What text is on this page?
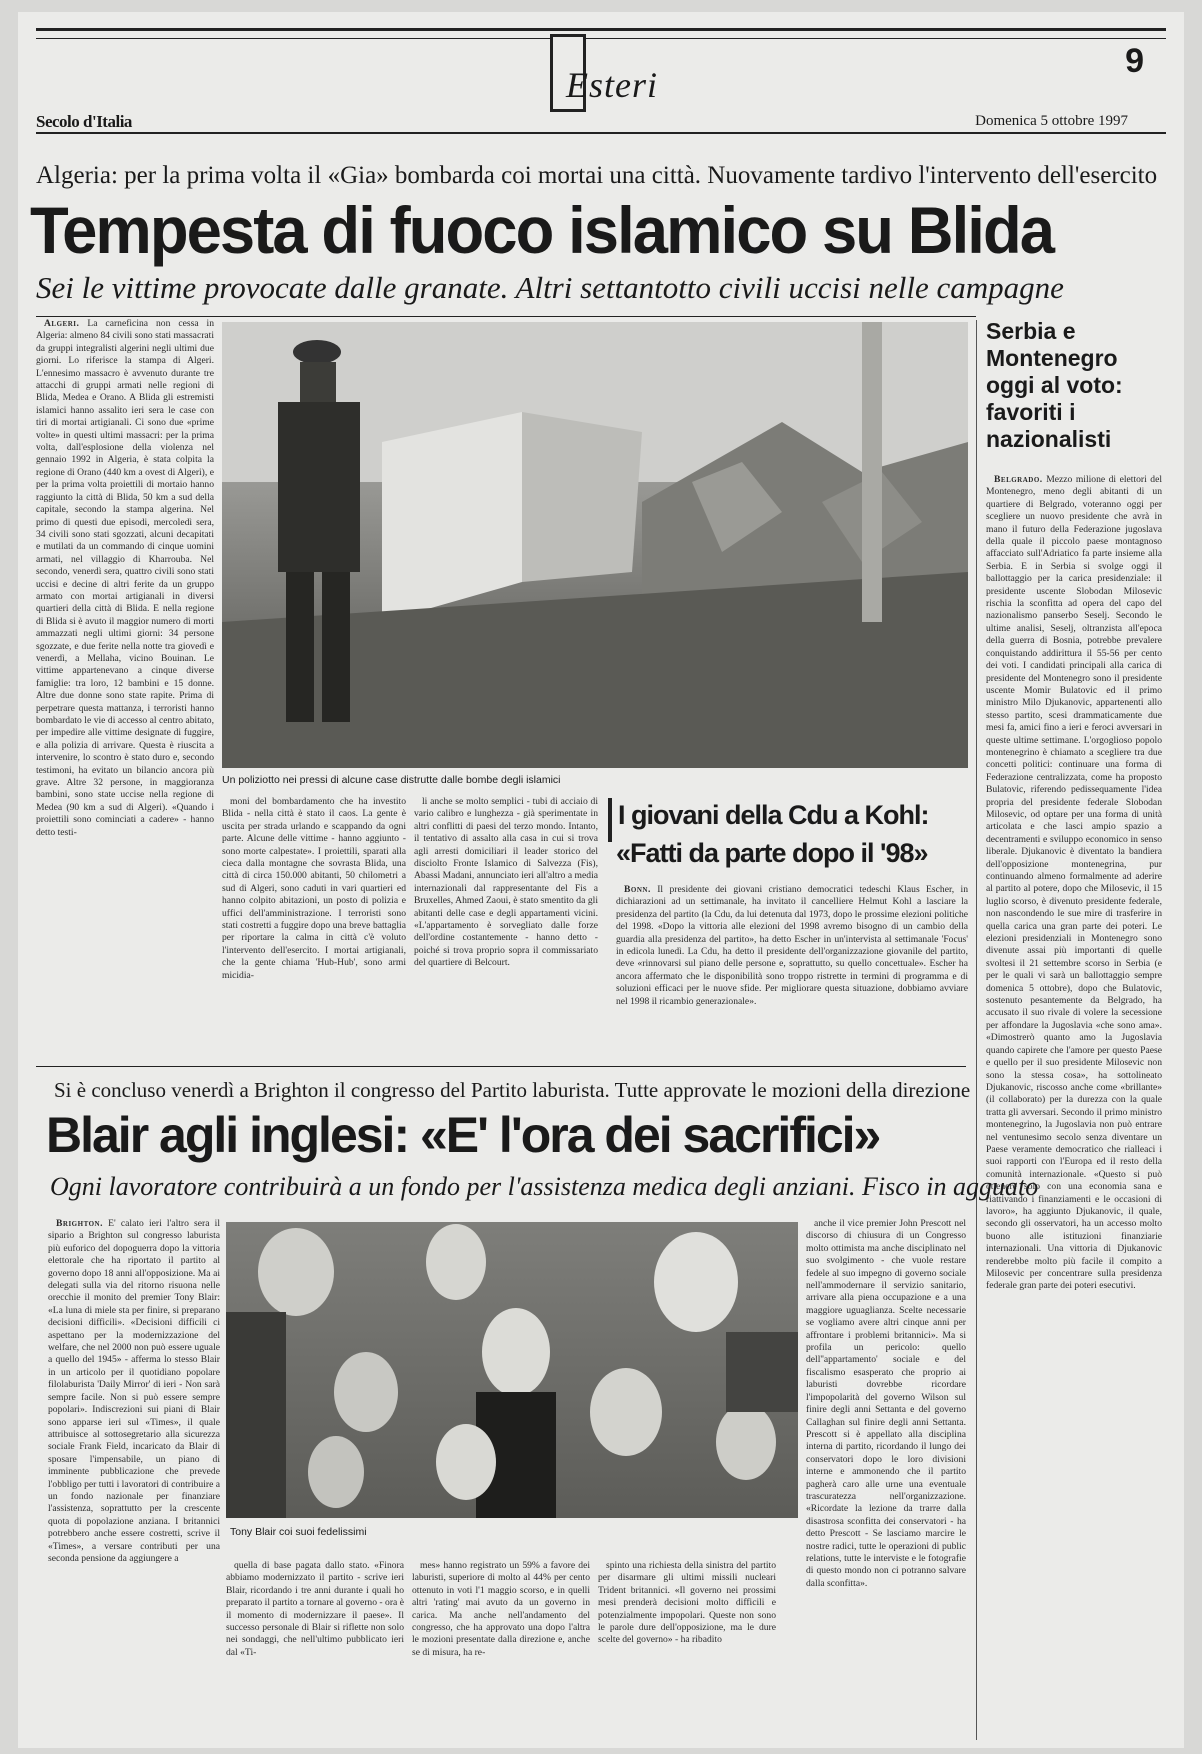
Esteri
9
Secolo d'Italia	Domenica 5 ottobre 1997
Algeria: per la prima volta il «Gia» bombarda coi mortai una città. Nuovamente tardivo l'intervento dell'esercito
Tempesta di fuoco islamico su Blida
Sei le vittime provocate dalle granate. Altri settantotto civili uccisi nelle campagne

Algeri. La carneficina non cessa in Algeria: almeno 84 civili sono stati massacrati da gruppi integralisti algerini negli ultimi due giorni. Lo riferisce la stampa di Algeri. L'ennesimo massacro è avvenuto durante tre attacchi di gruppi armati nelle regioni di Blida, Medea e Orano. A Blida gli estremisti islamici hanno assalito ieri sera le case con tiri di mortai artigianali. Ci sono due «prime volte» in questi ultimi massacri: per la prima volta, dall'esplosione della violenza nel gennaio 1992 in Algeria, è stata colpita la regione di Orano (440 km a ovest di Algeri), e per la prima volta proiettili di mortaio hanno raggiunto la città di Blida, 50 km a sud della capitale, secondo la stampa algerina. Nel primo di questi due episodi, mercoledì sera, 34 civili sono stati sgozzati, alcuni decapitati e mutilati da un commando di cinque uomini armati, nel villaggio di Kharrouba. Nel secondo, venerdì sera, quattro civili sono stati uccisi e decine di altri ferite da un gruppo armato con mortai artigianali in diversi quartieri della città di Blida. E nella regione di Blida si è avuto il maggior numero di morti ammazzati negli ultimi giorni: 34 persone sgozzate, e due ferite nella notte tra giovedì e venerdì, a Mellaha, vicino Bouinan. Le vittime appartenevano a cinque diverse famiglie: tra loro, 12 bambini e 15 donne. Altre due donne sono state rapite. Prima di perpetrare questa mattanza, i terroristi hanno bombardato le vie di accesso al centro abitato, per impedire alle vittime designate di fuggire, e alla polizia di arrivare. Questa è riuscita a intervenire, lo scontro è stato duro e, secondo testimoni, ha evitato un bilancio ancora più grave. Altre 32 persone, in maggioranza bambini, sono state uccise nella regione di Medea (90 km a sud di Algeri). «Quando i proiettili sono cominciati a cadere» - hanno detto testi-

Un poliziotto nei pressi di alcune case distrutte dalle bombe degli islamici

moni del bombardamento che ha investito Blida - nella città è stato il caos. La gente è uscita per strada urlando e scappando da ogni parte. Alcune delle vittime - hanno aggiunto - sono morte calpestate». I proiettili, sparati alla cieca dalla montagne che sovrasta Blida, una città di circa 150.000 abitanti, 50 chilometri a sud di Algeri, sono caduti in vari quartieri ed hanno colpito abitazioni, un posto di polizia e uffici dell'amministrazione. I terroristi sono stati costretti a fuggire dopo una breve battaglia per riportare la calma in città c'è voluto l'intervento dell'esercito. I mortai artigianali, che la gente chiama 'Hub-Hub', sono armi micidia-

li anche se molto semplici - tubi di acciaio di vario calibro e lunghezza - già sperimentate in altri conflitti di paesi del terzo mondo. Intanto, il tentativo di assalto alla casa in cui si trova agli arresti domiciliari il leader storico del disciolto Fronte Islamico di Salvezza (Fis), Abassi Madani, annunciato ieri all'altro a media internazionali dal rappresentante del Fis a Bruxelles, Ahmed Zaoui, è stato smentito da gli abitanti delle case e degli appartamenti vicini. «L'appartamento è sorvegliato dalle forze dell'ordine costantemente - hanno detto - poiché si trova proprio sopra il commissariato del quartiere di Belcourt.

I giovani della Cdu a Kohl:
«Fatti da parte dopo il '98»

Bonn. Il presidente dei giovani cristiano democratici tedeschi Klaus Escher, in dichiarazioni ad un settimanale, ha invitato il cancelliere Helmut Kohl a lasciare la presidenza del partito (la Cdu, da lui detenuta dal 1973, dopo le prossime elezioni politiche del 1998. «Dopo la vittoria alle elezioni del 1998 avremo bisogno di un cambio della guardia alla presidenza del partito», ha detto Escher in un'intervista al settimanale 'Focus' in edicola lunedì. La Cdu, ha detto il presidente dell'organizzazione giovanile del partito, deve «rinnovarsi sul piano delle persone e, soprattutto, su quello concettuale». Escher ha ancora affermato che le disponibilità sono troppo ristrette in termini di programma e di soluzioni efficaci per le nuove sfide. Per migliorare questa situazione, dobbiamo avviare nel 1998 il ricambio generazionale».

Serbia e Montenegro oggi al voto: favoriti i nazionalisti

Belgrado. Mezzo milione di elettori del Montenegro, meno degli abitanti di un quartiere di Belgrado, voteranno oggi per scegliere un nuovo presidente che avrà in mano il futuro della Federazione jugoslava della quale il piccolo paese montagnoso affacciato sull'Adriatico fa parte insieme alla Serbia. E in Serbia si svolge oggi il ballottaggio per la carica presidenziale: il presidente uscente Slobodan Milosevic rischia la sconfitta ad opera del capo del nazionalismo panserbo Seselj. Secondo le ultime analisi, Seselj, oltranzista all'epoca della guerra di Bosnia, potrebbe prevalere conquistando addirittura il 55-56 per cento dei voti. I candidati principali alla carica di presidente del Montenegro sono il presidente uscente Momir Bulatovic ed il primo ministro Milo Djukanovic, appartenenti allo stesso partito, scesi drammaticamente due mesi fa, amici fino a ieri e feroci avversari in queste ultime settimane. L'orgoglioso popolo montenegrino è chiamato a scegliere tra due concetti politici: continuare una forma di Federazione centralizzata, come ha proposto Bulatovic, riferendo pedissequamente l'idea propria del presidente federale Slobodan Milosevic, od optare per una forma di unità articolata e che lasci ampio spazio a decentramenti e sviluppo economico in senso liberale. Djukanovic è diventato la bandiera dell'opposizione montenegrina, pur continuando almeno formalmente ad aderire al partito al potere, dopo che Milosevic, il 15 luglio scorso, è divenuto presidente federale, non nascondendo le sue mire di trasferire in quella carica una gran parte dei poteri. Le elezioni presidenziali in Montenegro sono divenute assai più importanti di quelle svoltesi il 21 settembre scorso in Serbia (e per le quali vi sarà un ballottaggio sempre domenica 5 ottobre), dopo che Bulatovic, sostenuto pesantemente da Belgrado, ha accusato il suo rivale di volere la secessione per affondare la Jugoslavia «che sono ama». «Dimostrerò quanto amo la Jugoslavia quando capirete che l'amore per questo Paese e quello per il suo presidente Milosevic non sono la stessa cosa», ha sottolineato Djukanovic, riscosso anche come «brillante» (il collaborato) per la durezza con la quale tratta gli avversari. Secondo il primo ministro montenegrino, la Jugoslavia non può entrare nel ventunesimo secolo senza diventare un Paese veramente democratico che rialleaci i suoi rapporti con l'Europa ed il resto della comunità internazionale. «Questo si può ottenere solo con una economia sana e riattivando i finanziamenti e le occasioni di lavoro», ha aggiunto Djukanovic, il quale, secondo gli osservatori, ha un accesso molto buono alle istituzioni finanziarie internazionali. Una vittoria di Djukanovic renderebbe molto più facile il compito a Milosevic per concentrare sulla presidenza federale gran parte dei poteri esecutivi.

Si è concluso venerdì a Brighton il congresso del Partito laburista. Tutte approvate le mozioni della direzione
Blair agli inglesi: «E' l'ora dei sacrifici»
Ogni lavoratore contribuirà a un fondo per l'assistenza medica degli anziani. Fisco in agguato

Brighton. E' calato ieri l'altro sera il sipario a Brighton sul congresso laburista più euforico del dopoguerra dopo la vittoria elettorale che ha riportato il partito al governo dopo 18 anni all'opposizione. Ma ai delegati sulla via del ritorno risuona nelle orecchie il monito del premier Tony Blair: «La luna di miele sta per finire, si preparano decisioni difficili». «Decisioni difficili ci aspettano per la modernizzazione del welfare, che nel 2000 non può essere uguale a quello del 1945» - afferma lo stesso Blair in un articolo per il quotidiano popolare filolaburista 'Daily Mirror' di ieri - Non sarà sempre facile. Non si può essere sempre popolari». Indiscrezioni sui piani di Blair sono apparse ieri sul «Times», il quale attribuisce al sottosegretario alla sicurezza sociale Frank Field, incaricato da Blair di sposare l'impensabile, un piano di imminente pubblicazione che prevede l'obbligo per tutti i lavoratori di contribuire a un fondo nazionale per finanziare l'assistenza, soprattutto per la crescente quota di popolazione anziana. I britannici potrebbero anche essere costretti, scrive il «Times», a versare contributi per una seconda pensione da aggiungere a

Tony Blair coi suoi fedelissimi

quella di base pagata dallo stato. «Finora abbiamo modernizzato il partito - scrive ieri Blair, ricordando i tre anni durante i quali ho preparato il partito a tornare al governo - ora è il momento di modernizzare il paese». Il successo personale di Blair si riflette non solo nei sondaggi, che nell'ultimo pubblicato ieri dal «Ti-

mes» hanno registrato un 59% a favore dei laburisti, superiore di molto al 44% per cento ottenuto in voti l'1 maggio scorso, e in quelli altri 'rating' mai avuto da un governo in carica. Ma anche nell'andamento del congresso, che ha approvato una dopo l'altra le mozioni presentate dalla direzione e, anche se di misura, ha re-

spinto una richiesta della sinistra del partito per disarmare gli ultimi missili nucleari Trident britannici. «Il governo nei prossimi mesi prenderà decisioni molto difficili e potenzialmente impopolari. Queste non sono le parole dure dell'opposizione, ma le dure scelte del governo» - ha ribadito

anche il vice premier John Prescott nel discorso di chiusura di un Congresso molto ottimista ma anche disciplinato nel suo svolgimento - che vuole restare fedele al suo impegno di governo sociale nell'ammodernare il servizio sanitario, arrivare alla piena occupazione e a una maggiore uguaglianza. Scelte necessarie se vogliamo avere altri cinque anni per affrontare i problemi britannici». Ma si profila un pericolo: quello dell''appartamento' sociale e del fiscalismo esasperato che proprio ai laburisti dovrebbe ricordare l'impopolarità del governo Wilson sul finire degli anni Settanta e del governo Callaghan sul finire degli anni Settanta. Prescott si è appellato alla disciplina interna di partito, ricordando il lungo dei conservatori dopo le loro divisioni interne e ammonendo che il partito pagherà caro alle urne una eventuale trascuratezza nell'organizzazione. «Ricordate la lezione da trarre dalla disastrosa sconfitta dei conservatori - ha detto Prescott - Se lasciamo marcire le nostre radici, tutte le operazioni di public relations, tutte le interviste e le fotografie di questo mondo non ci potranno salvare dalla sconfitta».
